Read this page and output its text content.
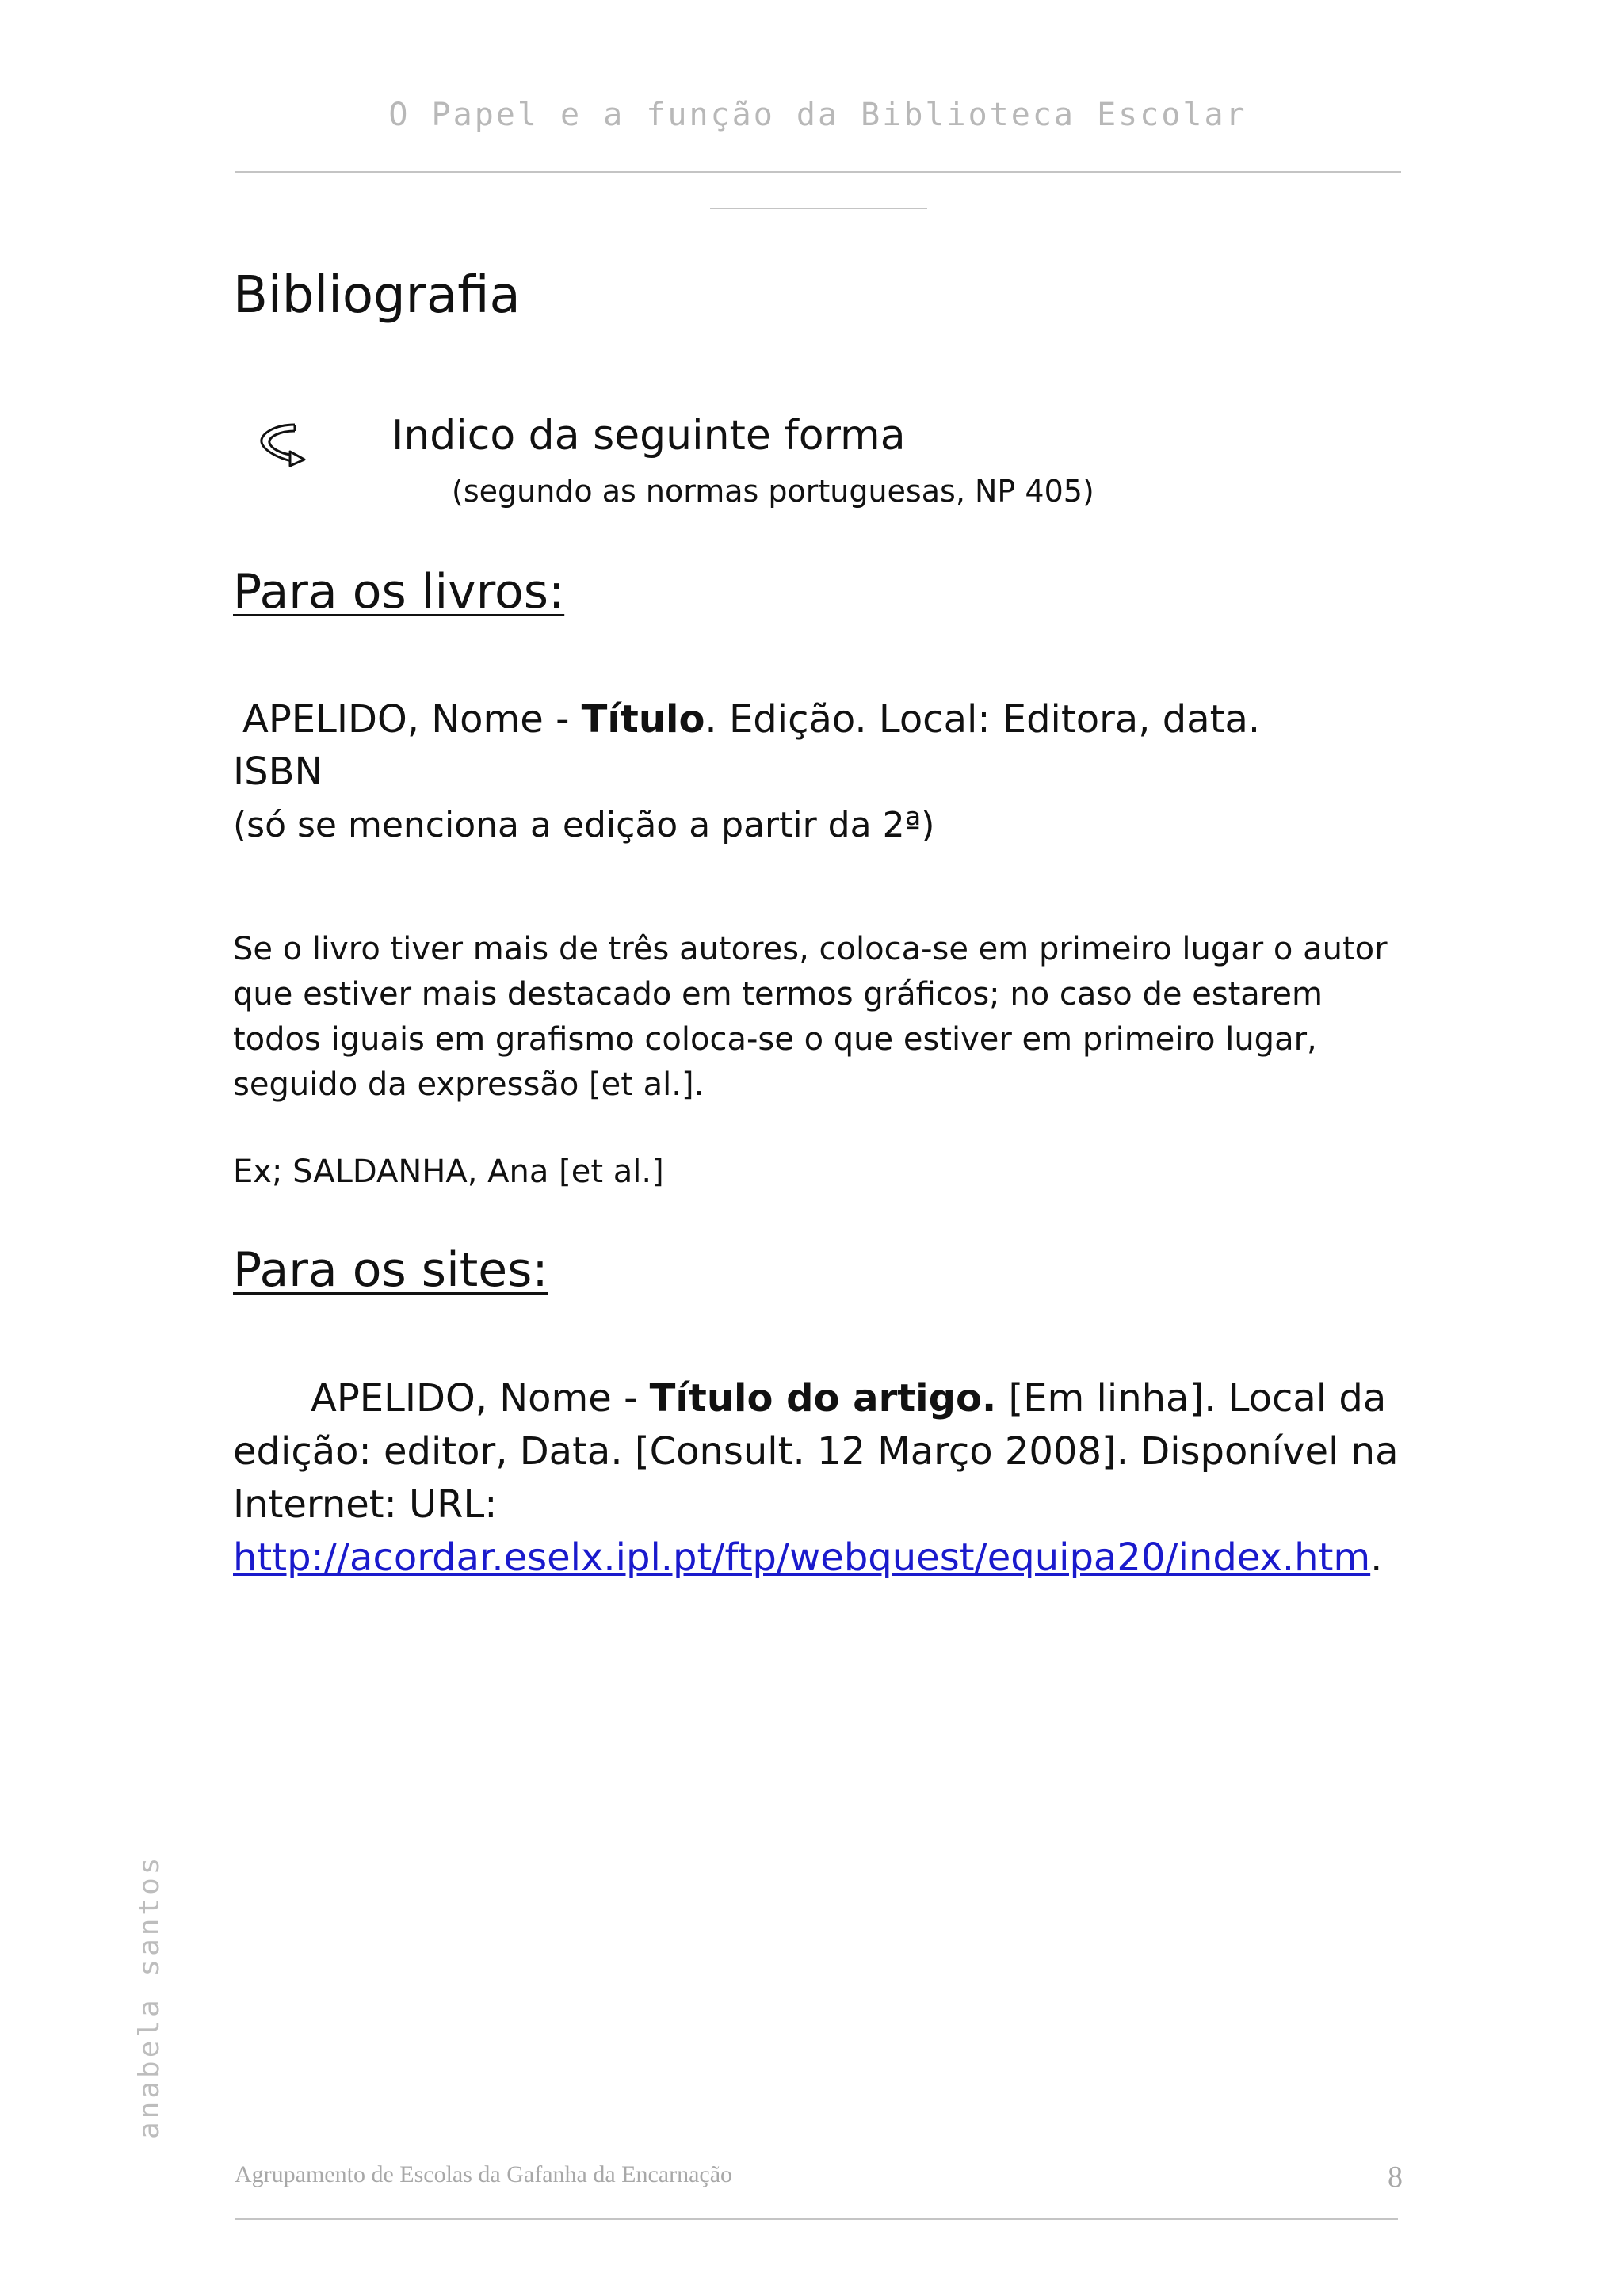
O Papel e a função da Biblioteca Escolar
Bibliografia
Indico da seguinte forma
(segundo as normas portuguesas, NP 405)
Para os livros:
APELIDO, Nome - Título. Edição. Local: Editora, data.
ISBN
(só se menciona a edição a partir da 2ª)
Se o livro tiver mais de três autores, coloca-se em primeiro lugar o autor que estiver mais destacado em termos gráficos; no caso de estarem todos iguais em grafismo coloca-se o que estiver em primeiro lugar, seguido da expressão [et al.].
Ex; SALDANHA, Ana [et al.]
Para os sites:
APELIDO, Nome - Título do artigo. [Em linha]. Local da edição: editor, Data. [Consult. 12 Março 2008]. Disponível na Internet: URL: http://acordar.eselx.ipl.pt/ftp/webquest/equipa20/index.htm.
anabela santos
Agrupamento de Escolas da Gafanha da Encarnação	8
